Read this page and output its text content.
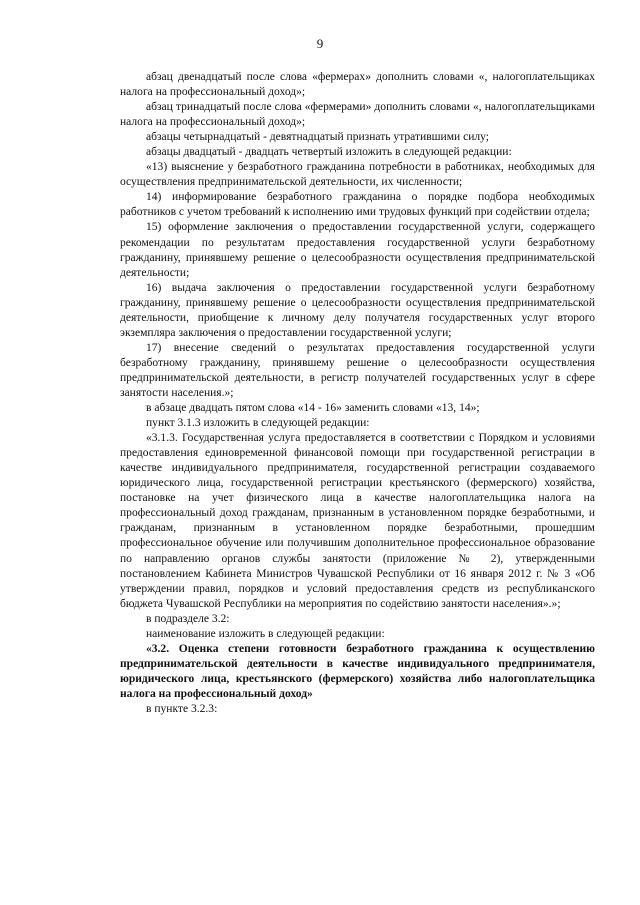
9

абзац двенадцатый после слова «фермерах» дополнить словами «, налогоплательщиках налога на профессиональный доход»;

абзац тринадцатый после слова «фермерами» дополнить словами «, налогоплательщиками налога на профессиональный доход»;

абзацы четырнадцатый - девятнадцатый признать утратившими силу;

абзацы двадцатый - двадцать четвертый изложить в следующей редакции:

«13) выяснение у безработного гражданина потребности в работниках, необходимых для осуществления предпринимательской деятельности, их численности;

14) информирование безработного гражданина о порядке подбора необходимых работников с учетом требований к исполнению ими трудовых функций при содействии отдела;

15) оформление заключения о предоставлении государственной услуги, содержащего рекомендации по результатам предоставления государственной услуги безработному гражданину, принявшему решение о целесообразности осуществления предпринимательской деятельности;

16) выдача заключения о предоставлении государственной услуги безработному гражданину, принявшему решение о целесообразности осуществления предпринимательской деятельности, приобщение к личному делу получателя государственных услуг второго экземпляра заключения о предоставлении государственной услуги;

17) внесение сведений о результатах предоставления государственной услуги безработному гражданину, принявшему решение о целесообразности осуществления предпринимательской деятельности, в регистр получателей государственных услуг в сфере занятости населения.»;

в абзаце двадцать пятом слова «14 - 16» заменить словами «13, 14»;

пункт 3.1.3 изложить в следующей редакции:

«3.1.3. Государственная услуга предоставляется в соответствии с Порядком и условиями предоставления единовременной финансовой помощи при государственной регистрации в качестве индивидуального предпринимателя, государственной регистрации создаваемого юридического лица, государственной регистрации крестьянского (фермерского) хозяйства, постановке на учет физического лица в качестве налогоплательщика налога на профессиональный доход гражданам, признанным в установленном порядке безработными, и гражданам, признанным в установленном порядке безработными, прошедшим профессиональное обучение или получившим дополнительное профессиональное образование по направлению органов службы занятости (приложение № 2), утвержденными постановлением Кабинета Министров Чувашской Республики от 16 января 2012 г. № 3 «Об утверждении правил, порядков и условий предоставления средств из республиканского бюджета Чувашской Республики на мероприятия по содействию занятости населения».»;

в подразделе 3.2:

наименование изложить в следующей редакции:

«3.2. Оценка степени готовности безработного гражданина к осуществлению предпринимательской деятельности в качестве индивидуального предпринимателя, юридического лица, крестьянского (фермерского) хозяйства либо налогоплательщика налога на профессиональный доход»

в пункте 3.2.3:
